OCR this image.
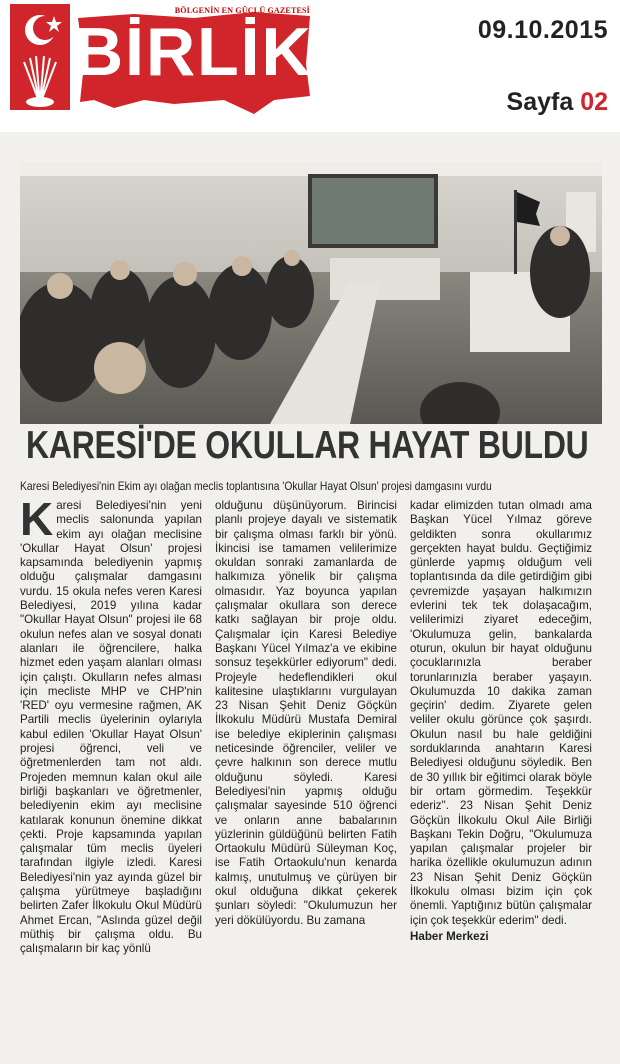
BÖLGENİN EN GÜÇLÜ GAZETESİ
BİRLİK	09.10.2015
Sayfa 02
KARESİ'DE OKULLAR HAYAT BULDU
Karesi Belediyesi'nin Ekim ayı olağan meclis toplantısına 'Okullar Hayat Olsun' projesi damgasını vurdu

Karesi Belediyesi'nin yeni meclis salonunda yapılan ekim ayı olağan meclisine 'Okullar Hayat Olsun' projesi kapsamında belediyenin yapmış olduğu çalışmalar damgasını vurdu. 15 okula nefes veren Karesi Belediyesi, 2019 yılına kadar "Okullar Hayat Olsun" projesi ile 68 okulun nefes alan ve sosyal donatı alanları ile öğrencilere, halka hizmet eden yaşam alanları olması için çalıştı. Okulların nefes alması için mecliste MHP ve CHP'nin 'RED' oyu vermesine rağmen, AK Partili meclis üyelerinin oylarıyla kabul edilen 'Okullar Hayat Olsun' projesi öğrenci, veli ve öğretmenlerden tam not aldı. Projeden memnun kalan okul aile birliği başkanları ve öğretmenler, belediyenin ekim ayı meclisine katılarak konunun önemine dikkat çekti. Proje kapsamında yapılan çalışmalar tüm meclis üyeleri tarafından ilgiyle izledi. Karesi Belediyesi'nin yaz ayında güzel bir çalışma yürütmeye başladığını belirten Zafer İlkokulu Okul Müdürü Ahmet Ercan, "Aslında güzel değil müthiş bir çalışma oldu. Bu çalışmaların bir kaç yönlü

olduğunu düşünüyorum. Birincisi planlı projeye dayalı ve sistematik bir çalışma olması farklı bir yönü. İkincisi ise tamamen velilerimize okuldan sonraki zamanlarda de halkımıza yönelik bir çalışma olmasıdır. Yaz boyunca yapılan çalışmalar okullara son derece katkı sağlayan bir proje oldu. Çalışmalar için Karesi Belediye Başkanı Yücel Yılmaz'a ve ekibine sonsuz teşekkürler ediyorum" dedi. Projeyle hedeflendikleri okul kalitesine ulaştıklarını vurgulayan 23 Nisan Şehit Deniz Göçkün İlkokulu Müdürü Mustafa Demiral ise belediye ekiplerinin çalışması neticesinde öğrenciler, veliler ve çevre halkının son derece mutlu olduğunu söyledi. Karesi Belediyesi'nin yapmış olduğu çalışmalar sayesinde 510 öğrenci ve onların anne babalarının yüzlerinin güldüğünü belirten Fatih Ortaokulu Müdürü Süleyman Koç, ise Fatih Ortaokulu'nun kenarda kalmış, unutulmuş ve çürüyen bir okul olduğuna dikkat çekerek şunları söyledi: "Okulumuzun her yeri dökülüyordu. Bu zamana

kadar elimizden tutan olmadı ama Başkan Yücel Yılmaz göreve geldikten sonra okullarımız gerçekten hayat buldu. Geçtiğimiz günlerde yapmış olduğum veli toplantısında da dile getirdiğim gibi çevremizde yaşayan halkımızın evlerini tek tek dolaşacağım, velilerimizi ziyaret edeceğim, 'Okulumuza gelin, bankalarda oturun, okulun bir hayat olduğunu çocuklarınızla beraber torunlarınızla beraber yaşayın. Okulumuzda 10 dakika zaman geçirin' dedim. Ziyarete gelen veliler okulu görünce çok şaşırdı. Okulun nasıl bu hale geldiğini sorduklarında anahtarın Karesi Belediyesi olduğunu söyledik. Ben de 30 yıllık bir eğitimci olarak böyle bir ortam görmedim. Teşekkür ederiz". 23 Nisan Şehit Deniz Göçkün İlkokulu Okul Aile Birliği Başkanı Tekin Doğru, "Okulumuza yapılan çalışmalar projeler bir harika özellikle okulumuzun adının 23 Nisan Şehit Deniz Göçkün İlkokulu olması bizim için çok önemli. Yaptığınız bütün çalışmalar için çok teşekkür ederim" dedi.

Haber Merkezi
